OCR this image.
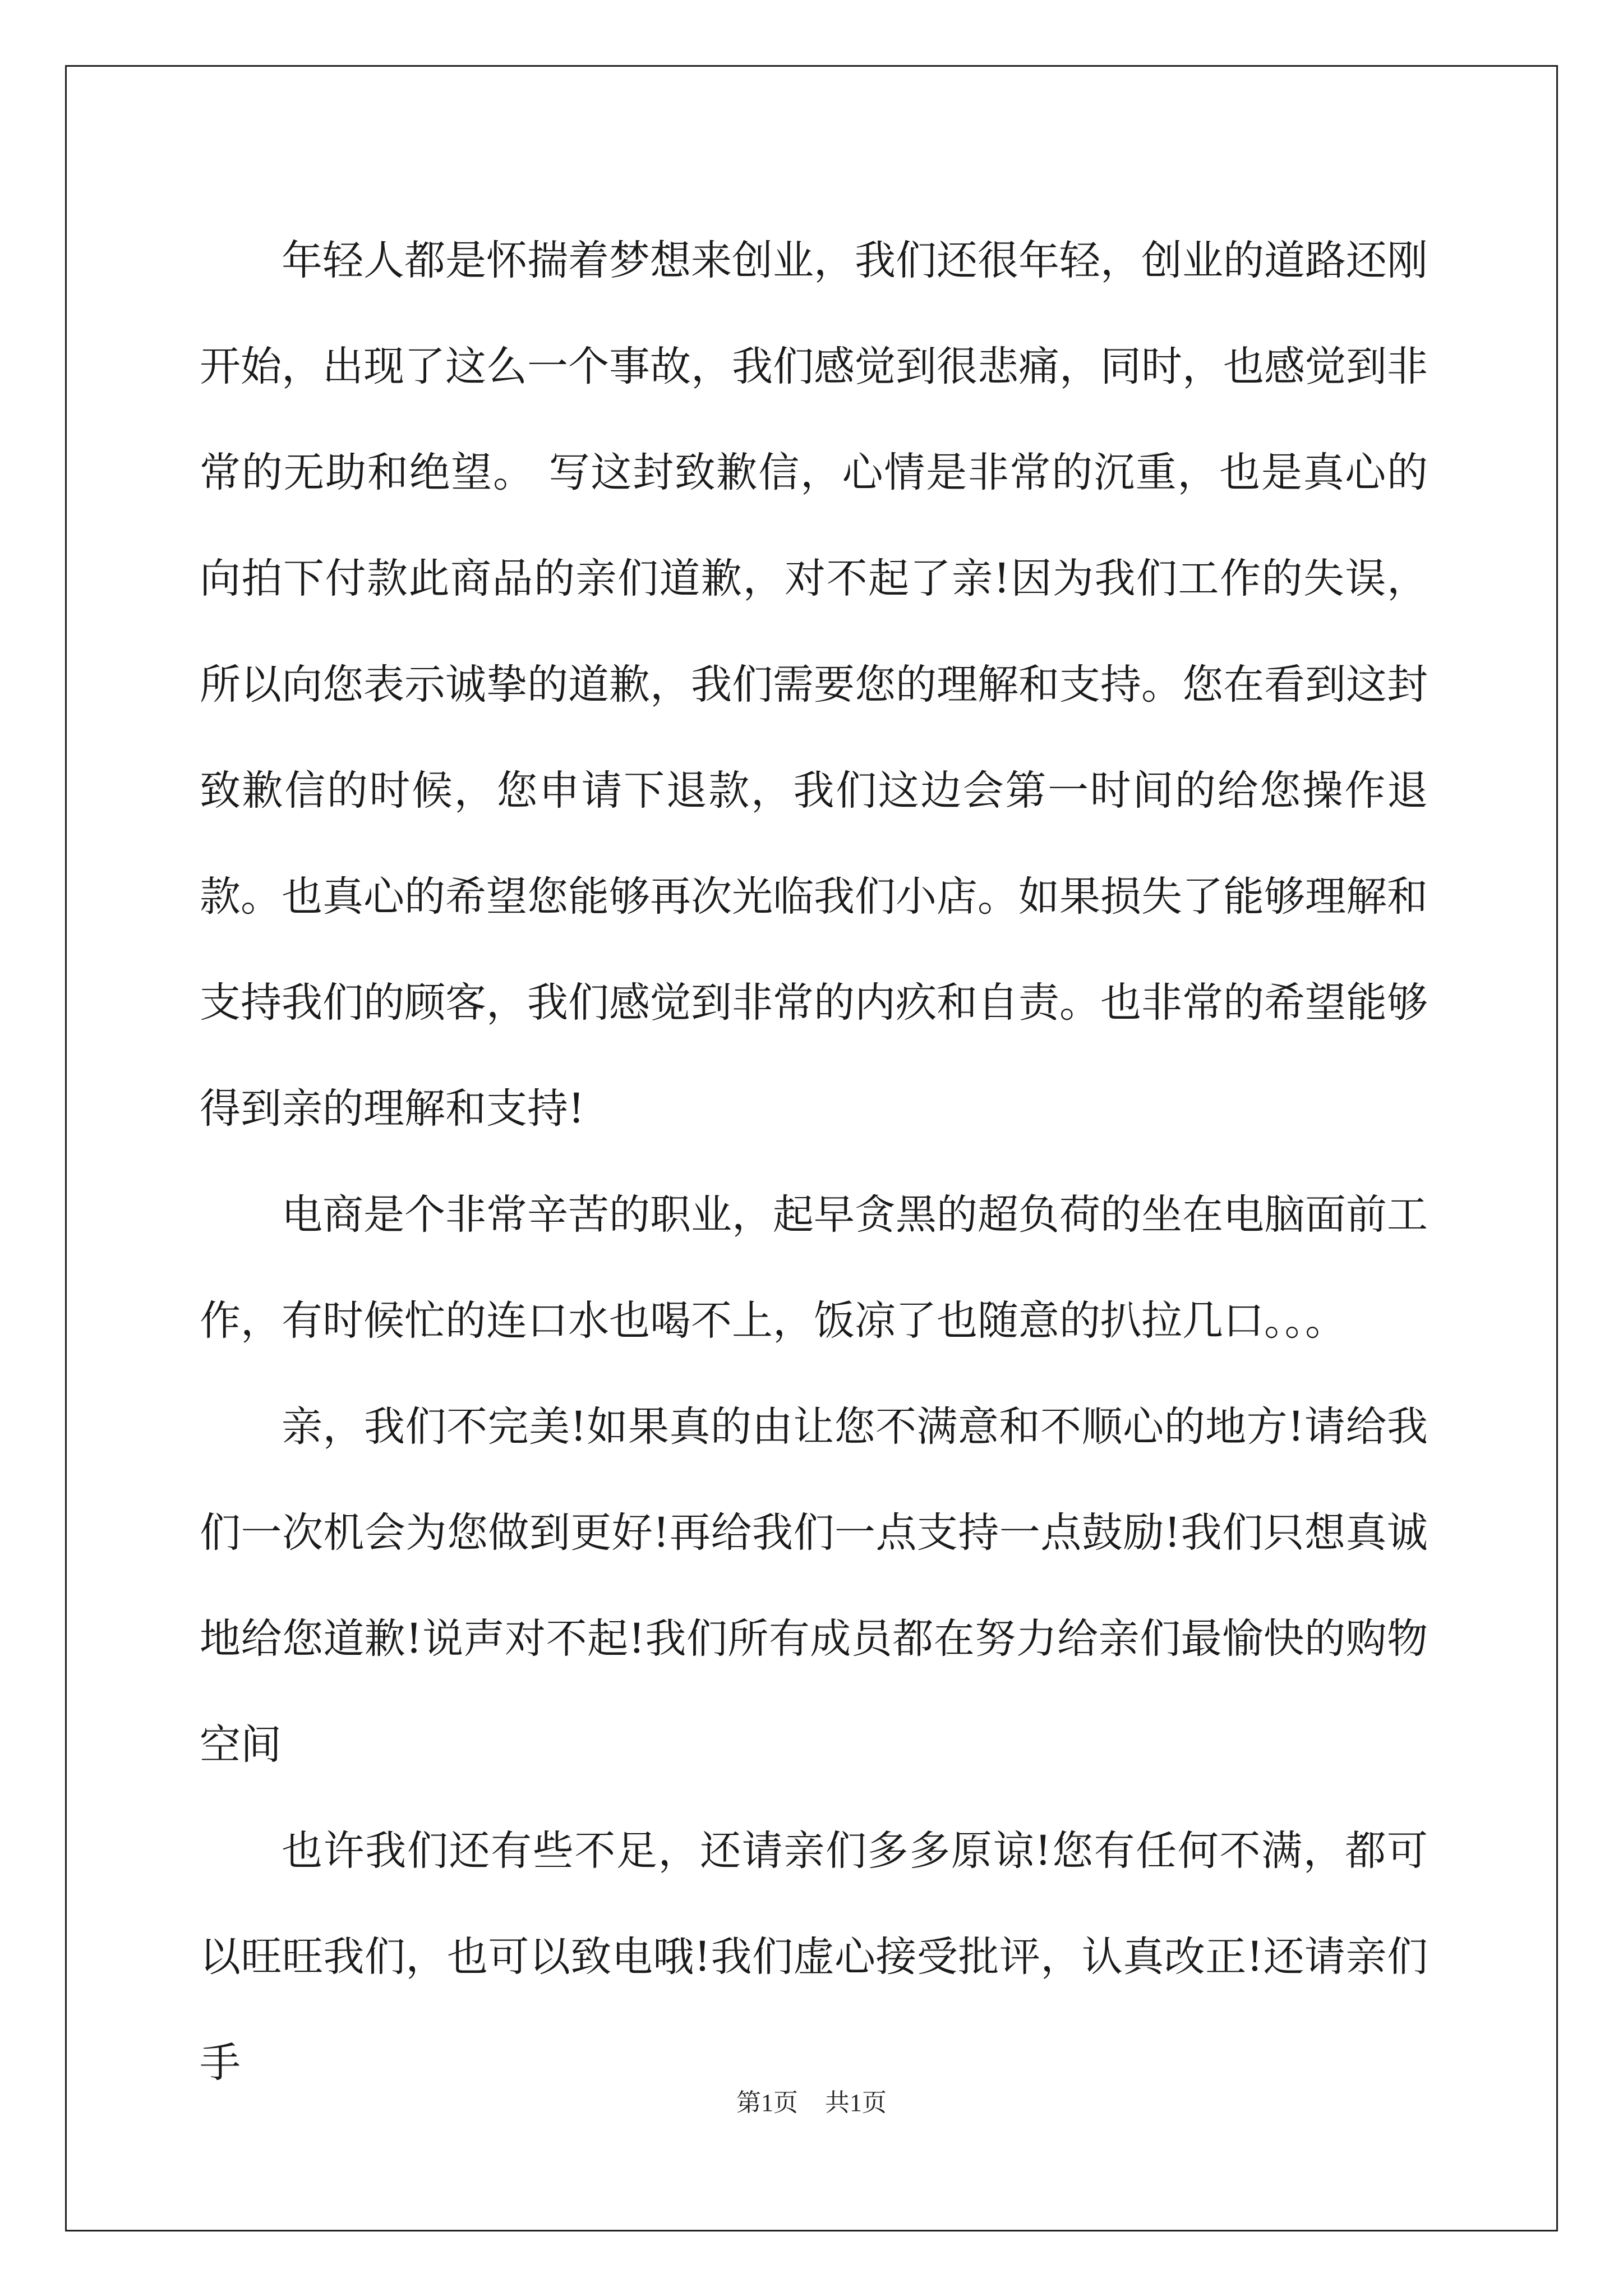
年轻人都是怀揣着梦想来创业，我们还很年轻，创业的道路还刚开始，出现了这么一个事故，我们感觉到很悲痛，同时，也感觉到非常的无助和绝望。 写这封致歉信，心情是非常的沉重，也是真心的向拍下付款此商品的亲们道歉，对不起了亲!因为我们工作的失误，所以向您表示诚挚的道歉，我们需要您的理解和支持。您在看到这封致歉信的时候，您申请下退款，我们这边会第一时间的给您操作退款。也真心的希望您能够再次光临我们小店。如果损失了能够理解和支持我们的顾客，我们感觉到非常的内疚和自责。也非常的希望能够得到亲的理解和支持!

电商是个非常辛苦的职业，起早贪黑的超负荷的坐在电脑面前工作，有时候忙的连口水也喝不上，饭凉了也随意的扒拉几口。。。

亲，我们不完美!如果真的由让您不满意和不顺心的地方!请给我们一次机会为您做到更好!再给我们一点支持一点鼓励!我们只想真诚地给您道歉!说声对不起!我们所有成员都在努力给亲们最愉快的购物空间

也许我们还有些不足，还请亲们多多原谅!您有任何不满，都可以旺旺我们，也可以致电哦!我们虚心接受批评，认真改正!还请亲们手

第1页 共1页
